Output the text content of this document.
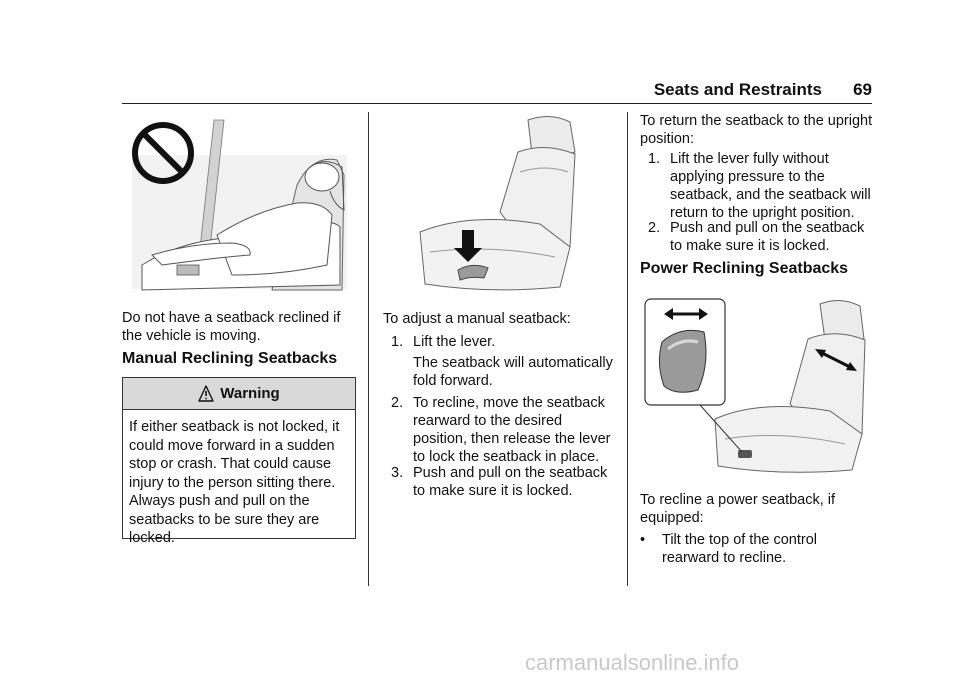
Seats and Restraints 69
Do not have a seatback reclined if the vehicle is moving.
Manual Reclining Seatbacks
Warning
If either seatback is not locked, it could move forward in a sudden stop or crash. That could cause injury to the person sitting there. Always push and pull on the seatbacks to be sure they are locked.
To adjust a manual seatback:
1. Lift the lever.
The seatback will automatically fold forward.
2. To recline, move the seatback rearward to the desired position, then release the lever to lock the seatback in place.
3. Push and pull on the seatback to make sure it is locked.
To return the seatback to the upright position:
1. Lift the lever fully without applying pressure to the seatback, and the seatback will return to the upright position.
2. Push and pull on the seatback to make sure it is locked.
Power Reclining Seatbacks
To recline a power seatback, if equipped:
•	Tilt the top of the control rearward to recline.
carmanualsonline.info
